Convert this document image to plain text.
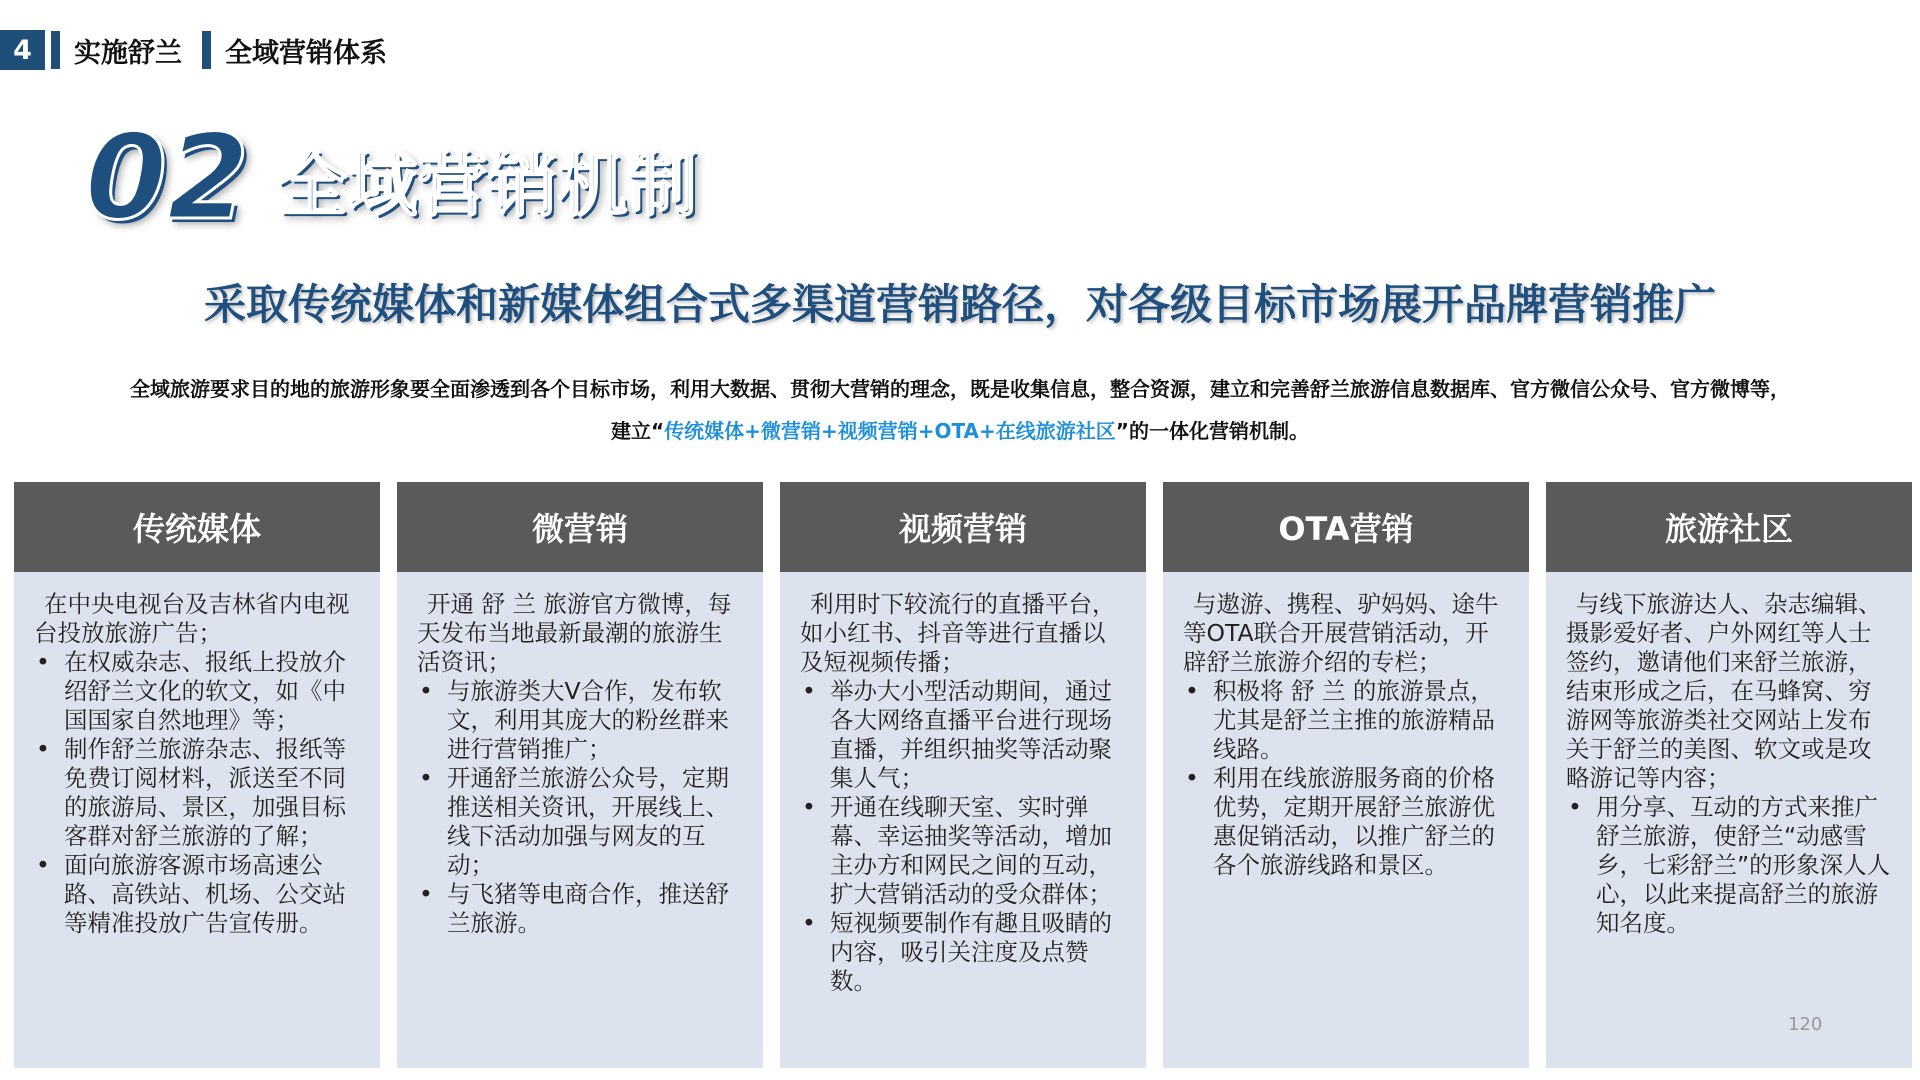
4	实施舒兰 全域营销体系
02 全域营销机制
采取传统媒体和新媒体组合式多渠道营销路径，对各级目标市场展开品牌营销推广
全域旅游要求目的地的旅游形象要全面渗透到各个目标市场，利用大数据、贯彻大营销的理念，既是收集信息，整合资源，建立和完善舒兰旅游信息数据库、官方微信公众号、官方微博等，
建立“传统媒体+微营销+视频营销+OTA+在线旅游社区”的一体化营销机制。
传统媒体

在中央电视台及吉林省内电视台投放旅游广告；

• 在权威杂志、报纸上投放介绍舒兰文化的软文，如《中国国家自然地理》等；
• 制作舒兰旅游杂志、报纸等免费订阅材料，派送至不同的旅游局、景区，加强目标客群对舒兰旅游的了解；
• 面向旅游客源市场高速公路、高铁站、机场、公交站等精准投放广告宣传册。
微营销

开通 舒 兰 旅游官方微博，每天发布当地最新最潮的旅游生活资讯；

• 与旅游类大V合作，发布软文，利用其庞大的粉丝群来进行营销推广；
• 开通舒兰旅游公众号，定期推送相关资讯，开展线上、线下活动加强与网友的互动；
• 与飞猪等电商合作，推送舒兰旅游。
视频营销

利用时下较流行的直播平台，如小红书、抖音等进行直播以及短视频传播；

• 举办大小型活动期间，通过各大网络直播平台进行现场直播，并组织抽奖等活动聚集人气；
• 开通在线聊天室、实时弹幕、幸运抽奖等活动，增加主办方和网民之间的互动，扩大营销活动的受众群体；
• 短视频要制作有趣且吸睛的内容，吸引关注度及点赞数。
OTA营销

与遨游、携程、驴妈妈、途牛等OTA联合开展营销活动，开辟舒兰旅游介绍的专栏；

• 积极将 舒 兰 的旅游景点，尤其是舒兰主推的旅游精品线路。
• 利用在线旅游服务商的价格优势，定期开展舒兰旅游优惠促销活动，以推广舒兰的各个旅游线路和景区。
旅游社区

与线下旅游达人、杂志编辑、摄影爱好者、户外网红等人士签约，邀请他们来舒兰旅游，结束形成之后，在马蜂窝、穷游网等旅游类社交网站上发布关于舒兰的美图、软文或是攻略游记等内容；

• 用分享、互动的方式来推广舒兰旅游，使舒兰“动感雪乡，七彩舒兰”的形象深人人心，以此来提高舒兰的旅游知名度。
120
